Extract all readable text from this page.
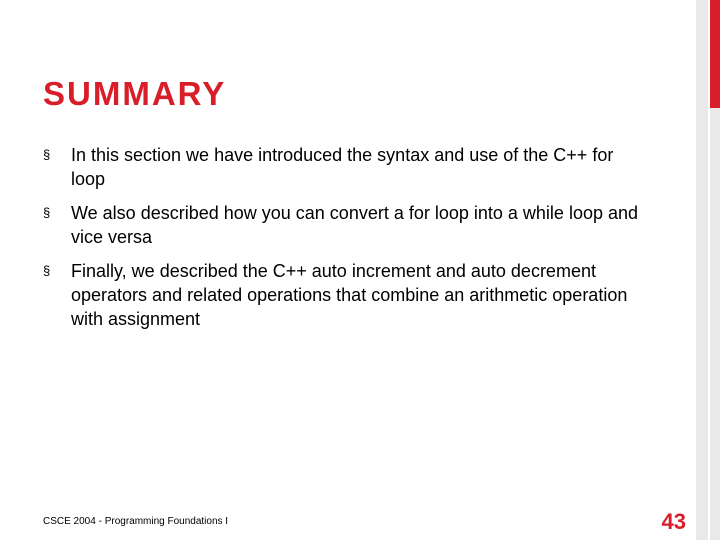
SUMMARY
§	In this section we have introduced the syntax and use of the C++ for loop
§	We also described how you can convert a for loop into a while loop and vice versa
§	Finally, we described the C++ auto increment and auto decrement operators and related operations that combine an arithmetic operation with assignment
CSCE 2004 - Programming Foundations I	43
